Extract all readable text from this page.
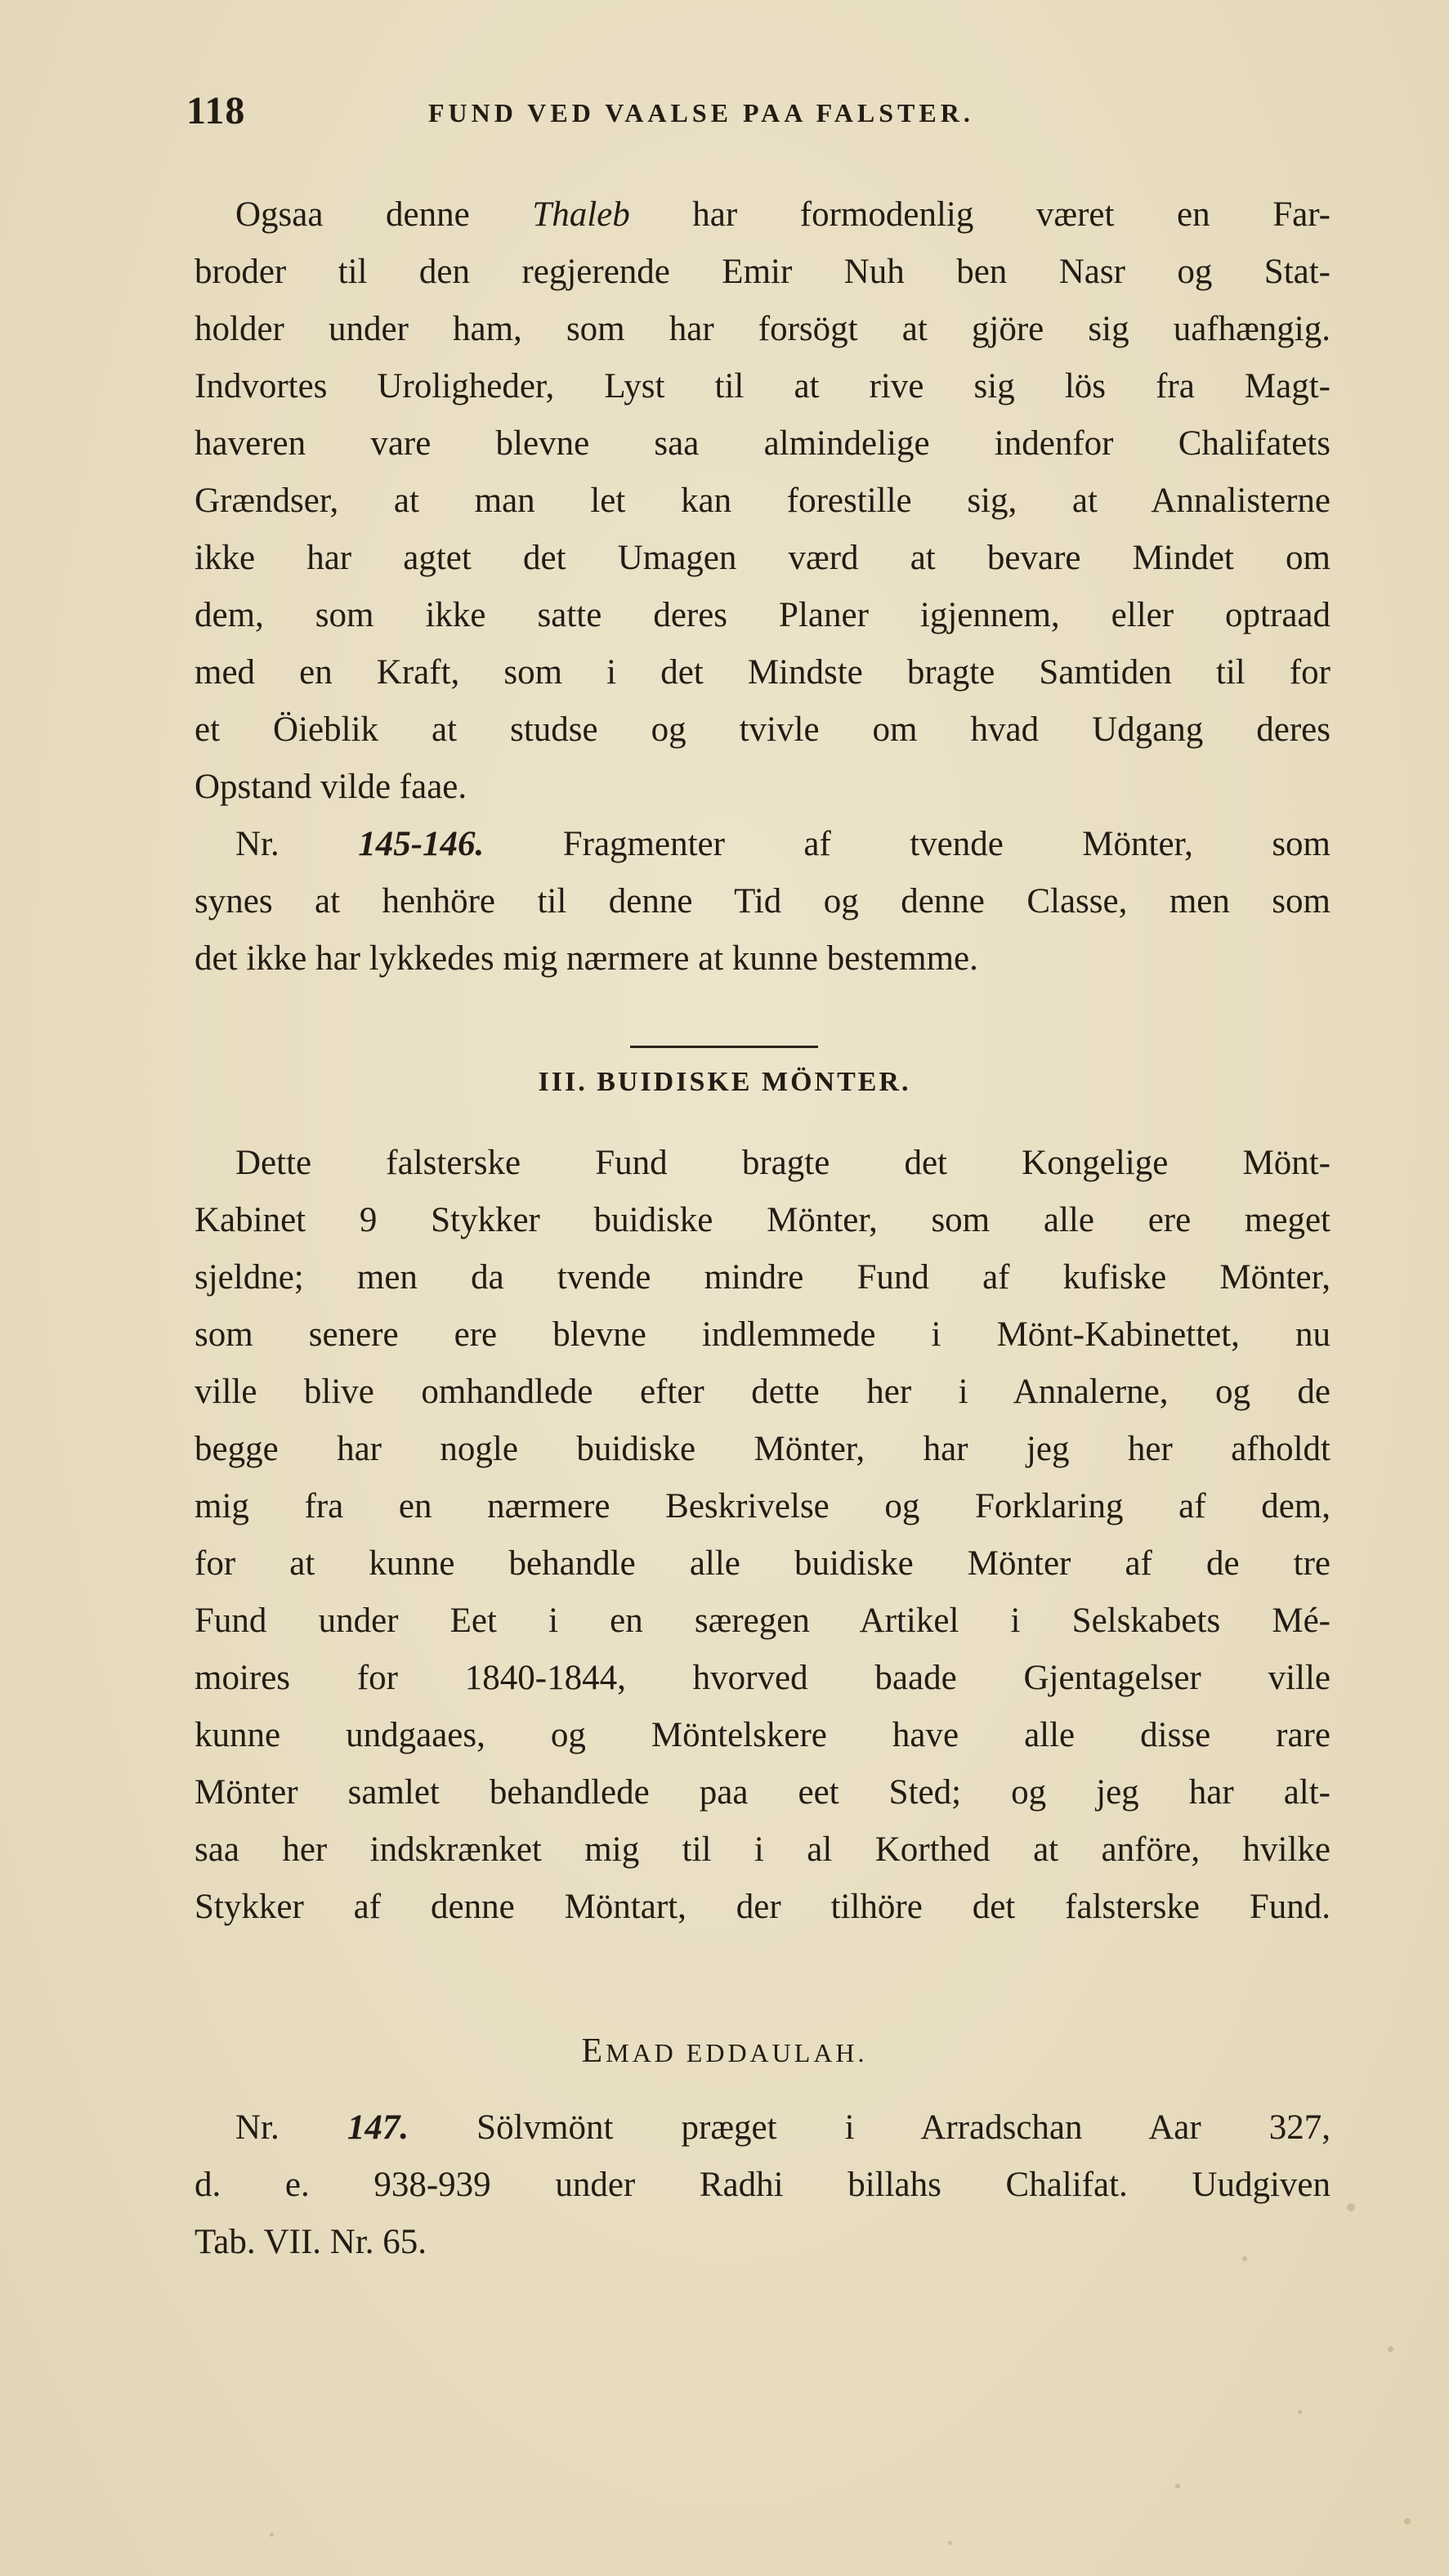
118	FUND VED VAALSE PAA FALSTER.
Ogsaa denne Thaleb har formodenlig været en Far-
broder til den regjerende Emir Nuh ben Nasr og Stat-
holder under ham, som har forsögt at gjöre sig uafhængig.
Indvortes Uroligheder, Lyst til at rive sig lös fra Magt-
haveren vare blevne saa almindelige indenfor Chalifatets
Grændser, at man let kan forestille sig, at Annalisterne
ikke har agtet det Umagen værd at bevare Mindet om
dem, som ikke satte deres Planer igjennem, eller optraad
med en Kraft, som i det Mindste bragte Samtiden til for
et Öieblik at studse og tvivle om hvad Udgang deres
Opstand vilde faae.
Nr. 145-146. Fragmenter af tvende Mönter, som
synes at henhöre til denne Tid og denne Classe, men som
det ikke har lykkedes mig nærmere at kunne bestemme.
III. BUIDISKE MÖNTER.
Dette falsterske Fund bragte det Kongelige Mönt-
Kabinet 9 Stykker buidiske Mönter, som alle ere meget
sjeldne; men da tvende mindre Fund af kufiske Mönter,
som senere ere blevne indlemmede i Mönt-Kabinettet, nu
ville blive omhandlede efter dette her i Annalerne, og de
begge har nogle buidiske Mönter, har jeg her afholdt
mig fra en nærmere Beskrivelse og Forklaring af dem,
for at kunne behandle alle buidiske Mönter af de tre
Fund under Eet i en særegen Artikel i Selskabets Mé-
moires for 1840-1844, hvorved baade Gjentagelser ville
kunne undgaaes, og Möntelskere have alle disse rare
Mönter samlet behandlede paa eet Sted; og jeg har alt-
saa her indskrænket mig til i al Korthed at anföre, hvilke
Stykker af denne Möntart, der tilhöre det falsterske Fund.
EMAD EDDAULAH.
Nr. 147. Sölvmönt præget i Arradschan Aar 327,
d. e. 938-939 under Radhi billahs Chalifat. Uudgiven
Tab. VII. Nr. 65.
